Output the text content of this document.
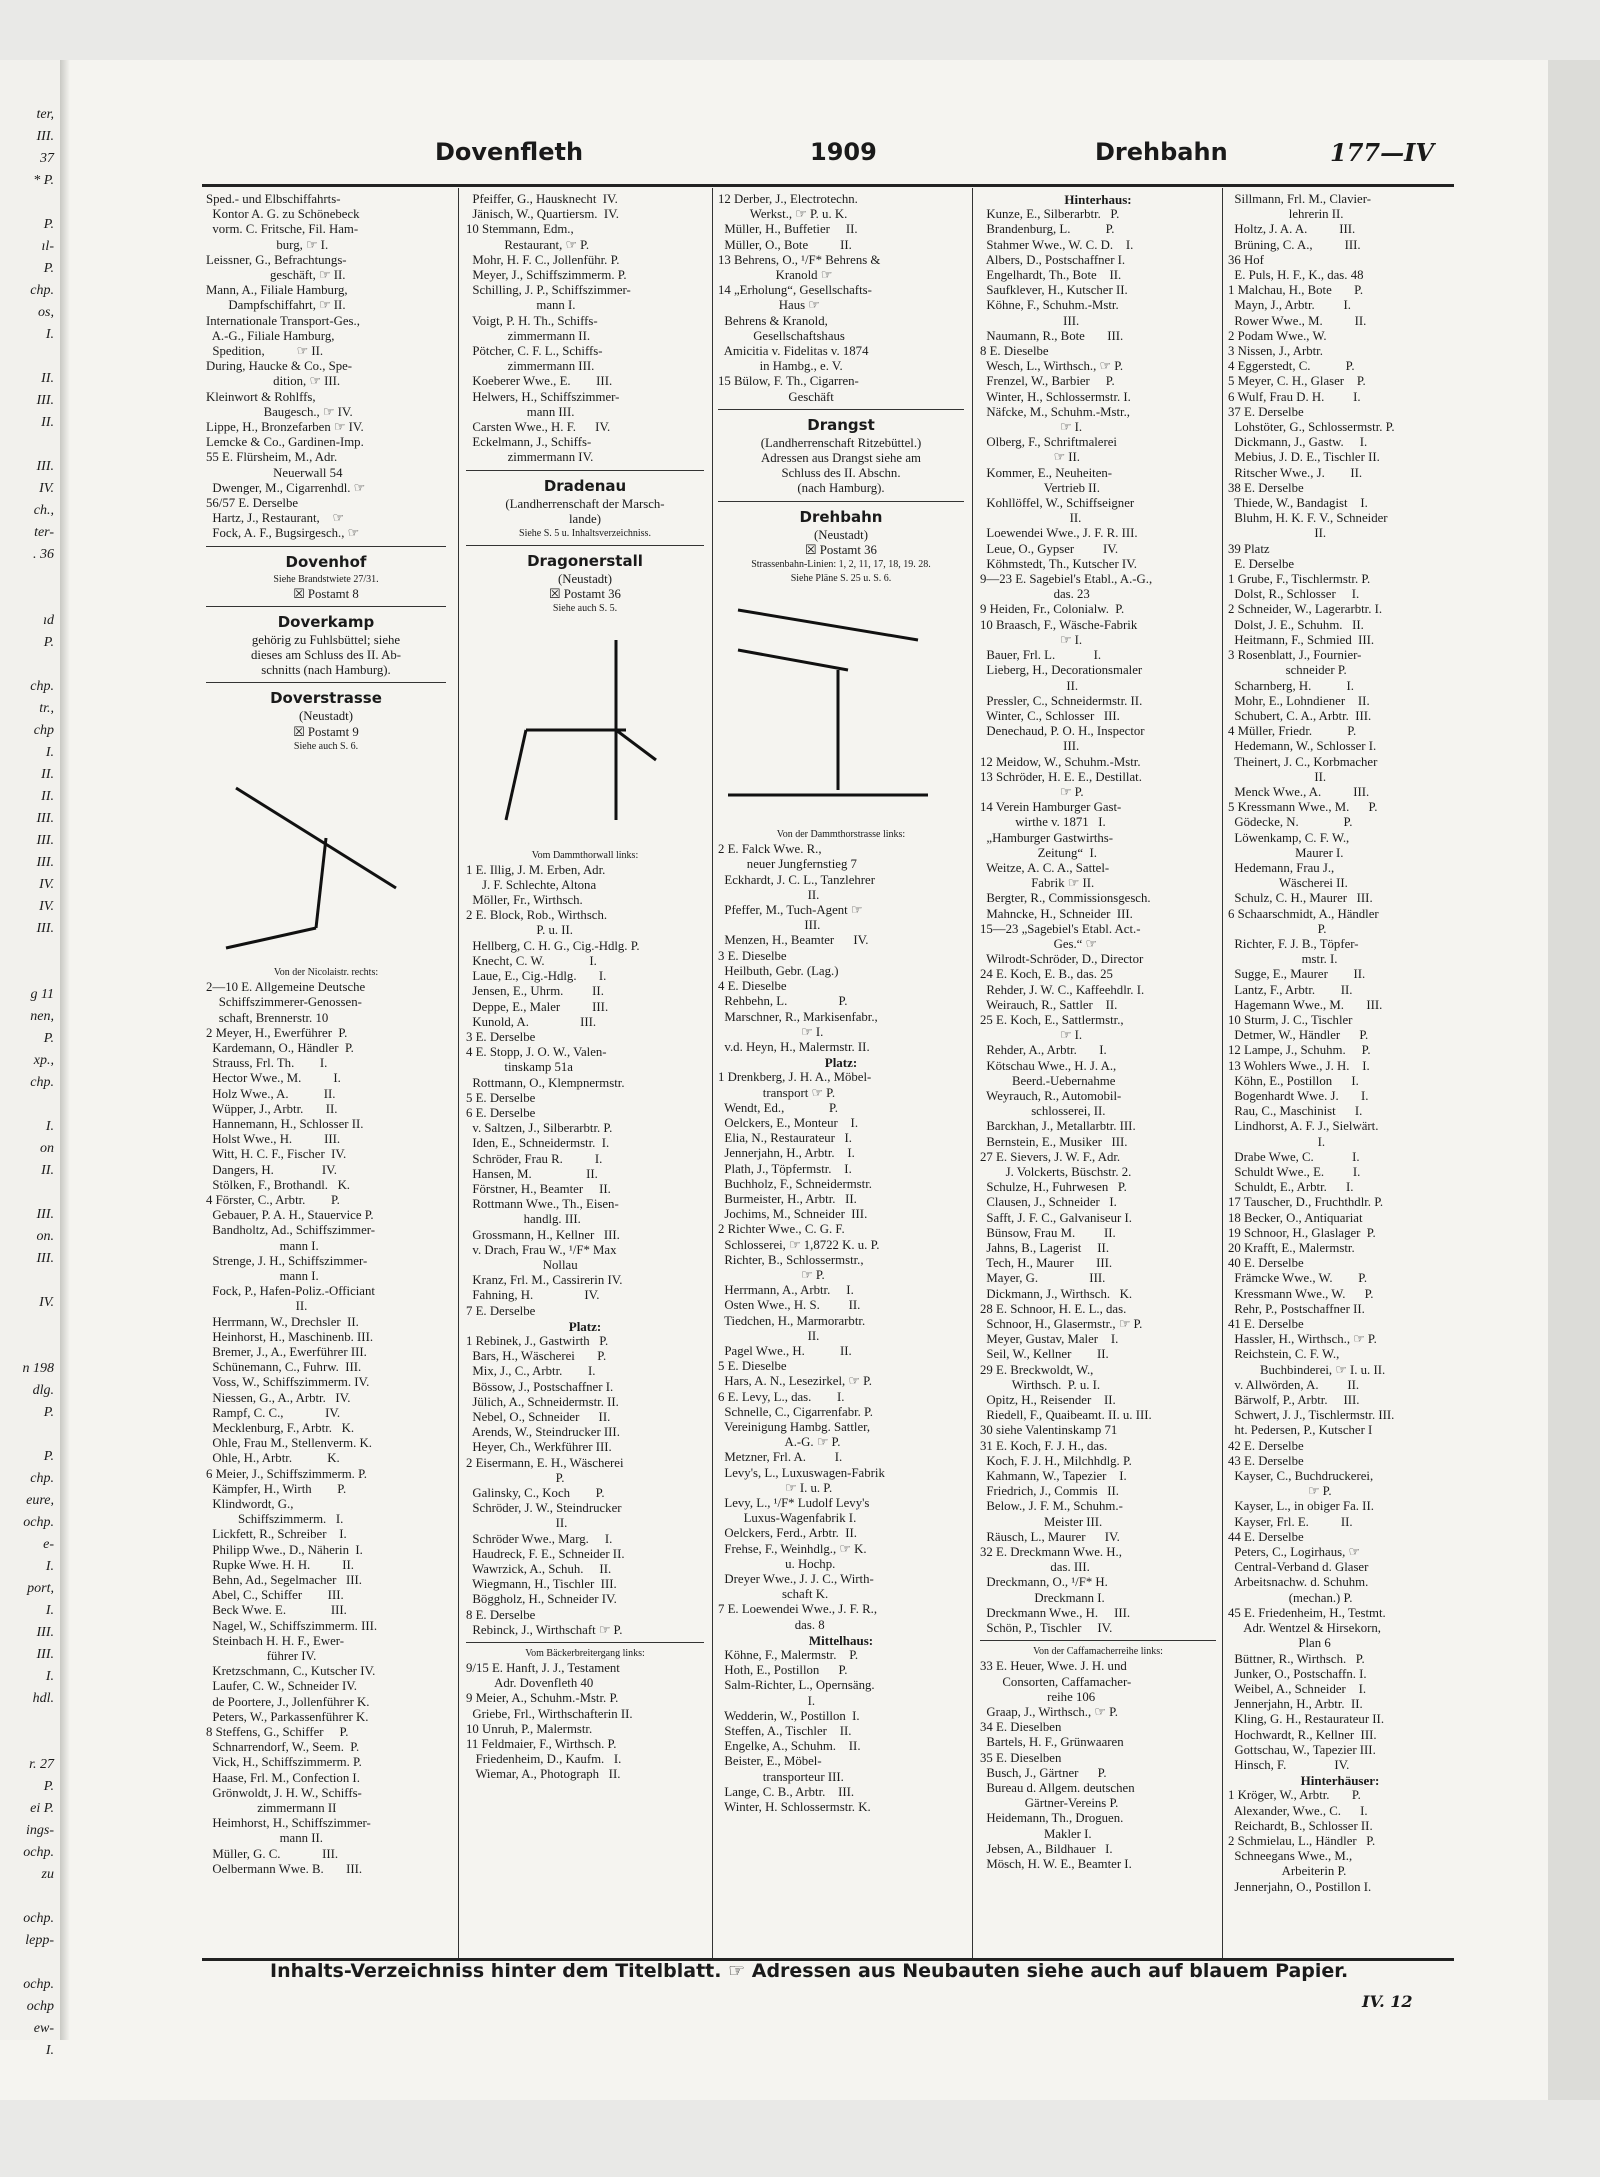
ter,
III.
37
* P.
P.
ıl-
P.
chp.
os,
I.
II.
III.
II.
III.
IV.
ch.,
ter-
. 36
ıd
P.
chp.
tr.,
chp
I.
II.
II.
III.
III.
III.
IV.
IV.
III.
g 11
nen,
P.
xp.,
chp.
I.
on
II.
III.
on.
III.
IV.
n 198
dlg.
P.
P.
chp.
eure,
ochp.
e-
I.
port,
I.
III.
III.
I.
hdl.
r. 27
P.
ei P.
ings-
ochp.
zu
ochp.
lepp-
ochp.
ochp
ew-
I.
Dovenfleth	1909	Drehbahn	177—IV
Sped.- und Elbschiffahrts-
Kontor A. G. zu Schönebeck
vorm. C. Fritsche, Fil. Ham-
burg, ☞ I.
Leissner, G., Befrachtungs-
geschäft, ☞ II.
Mann, A., Filiale Hamburg,
Dampfschiffahrt, ☞ II.
Internationale Transport-Ges.,
A.-G., Filiale Hamburg,
Spedition,          ☞ II.
During, Haucke & Co., Spe-
dition, ☞ III.
Kleinwort & Rohlffs,
Baugesch., ☞ IV.
Lippe, H., Bronzefarben ☞ IV.
Lemcke & Co., Gardinen-Imp.
55 E. Flürsheim, M., Adr.
Neuerwall 54
Dwenger, M., Cigarrenhdl. ☞
56/57 E. Derselbe
Hartz, J., Restaurant,    ☞
Fock, A. F., Bugsirgesch., ☞
Dovenhof
Siehe Brandstwiete 27/31.
☒ Postamt 8
Doverkamp
gehörig zu Fuhlsbüttel; siehe
dieses am Schluss des II. Ab-
schnitts (nach Hamburg).
Doverstrasse
(Neustadt)
☒ Postamt 9
Siehe auch S. 6.
Von der Nicolaistr. rechts:
2—10 E. Allgemeine Deutsche
Schiffszimmerer-Genossen-
schaft, Brennerstr. 10
2 Meyer, H., Ewerführer  P.
Kardemann, O., Händler  P.
Strauss, Frl. Th.        I.
Hector Wwe., M.          I.
Holz Wwe., A.           II.
Wüpper, J., Arbtr.       II.
Hannemann, H., Schlosser II.
Holst Wwe., H.          III.
Witt, H. C. F., Fischer  IV.
Dangers, H.               IV.
Stölken, F., Brothandl.   K.
4 Förster, C., Arbtr.        P.
Gebauer, P. A. H., Stauervice P.
Bandholtz, Ad., Schiffszimmer-
mann I.
Strenge, J. H., Schiffszimmer-
mann I.
Fock, P., Hafen-Poliz.-Officiant
II.
Herrmann, W., Drechsler  II.
Heinhorst, H., Maschinenb. III.
Bremer, J., A., Ewerführer III.
Schünemann, C., Fuhrw.  III.
Voss, W., Schiffszimmerm. IV.
Niessen, G., A., Arbtr.   IV.
Rampf, C. C.,             IV.
Mecklenburg, F., Arbtr.   K.
Ohle, Frau M., Stellenverm. K.
Ohle, H., Arbtr.           K.
6 Meier, J., Schiffszimmerm. P.
Kämpfer, H., Wirth        P.
Klindwordt, G.,
Schiffszimmerm.   I.
Lickfett, R., Schreiber    I.
Philipp Wwe., D., Näherin  I.
Rupke Wwe. H. H.          II.
Behn, Ad., Segelmacher   III.
Abel, C., Schiffer        III.
Beck Wwe. E.              III.
Nagel, W., Schiffszimmerm. III.
Steinbach H. H. F., Ewer-
führer IV.
Kretzschmann, C., Kutscher IV.
Laufer, C. W., Schneider IV.
de Poortere, J., Jollenführer K.
Peters, W., Parkassenführer K.
8 Steffens, G., Schiffer     P.
Schnarrendorf, W., Seem.  P.
Vick, H., Schiffszimmerm. P.
Haase, Frl. M., Confection I.
Grönwoldt, J. H. W., Schiffs-
zimmermann II
Heimhorst, H., Schiffszimmer-
mann II.
Müller, G. C.             III.
Oelbermann Wwe. B.       III.
Pfeiffer, G., Hausknecht  IV.
Jänisch, W., Quartiersm.  IV.
10 Stemmann, Edm.,
Restaurant, ☞ P.
Mohr, H. F. C., Jollenführ. P.
Meyer, J., Schiffszimmerm. P.
Schilling, J. P., Schiffszimmer-
mann I.
Voigt, P. H. Th., Schiffs-
zimmermann II.
Pötcher, C. F. L., Schiffs-
zimmermann III.
Koeberer Wwe., E.        III.
Helwers, H., Schiffszimmer-
mann III.
Carsten Wwe., H. F.      IV.
Eckelmann, J., Schiffs-
zimmermann IV.
Dradenau
(Landherrenschaft der Marsch-
lande)
Siehe S. 5 u. Inhaltsverzeichniss.
Dragonerstall
(Neustadt)
☒ Postamt 36
Siehe auch S. 5.
Vom Dammthorwall links:
1 E. Illig, J. M. Erben, Adr.
J. F. Schlechte, Altona
Möller, Fr., Wirthsch.
2 E. Block, Rob., Wirthsch.
P. u. II.
Hellberg, C. H. G., Cig.-Hdlg. P.
Knecht, C. W.              I.
Laue, E., Cig.-Hdlg.       I.
Jensen, E., Uhrm.         II.
Deppe, E., Maler          III.
Kunold, A.                III.
3 E. Derselbe
4 E. Stopp, J. O. W., Valen-
tinskamp 51a
Rottmann, O., Klempnermstr.
5 E. Derselbe
6 E. Derselbe
v. Saltzen, J., Silberarbtr. P.
Iden, E., Schneidermstr.  I.
Schröder, Frau R.          I.
Hansen, M.                 II.
Förstner, H., Beamter     II.
Rottmann Wwe., Th., Eisen-
handlg. III.
Grossmann, H., Kellner   III.
v. Drach, Frau W., ¹/F* Max
Nollau
Kranz, Frl. M., Cassirerin IV.
Fahning, H.                IV.
7 E. Derselbe
Platz:
1 Rebinek, J., Gastwirth   P.
Bars, H., Wäscherei       P.
Mix, J., C., Arbtr.        I.
Bössow, J., Postschaffner I.
Jülich, A., Schneidermstr. II.
Nebel, O., Schneider      II.
Arends, W., Steindrucker III.
Heyer, Ch., Werkführer III.
2 Eisermann, E. H., Wäscherei
P.
Galinsky, C., Koch        P.
Schröder, J. W., Steindrucker
II.
Schröder Wwe., Marg.     I.
Haudreck, F. E., Schneider II.
Wawrzick, A., Schuh.     II.
Wiegmann, H., Tischler  III.
Böggholz, H., Schneider IV.
8 E. Derselbe
Rebinck, J., Wirthschaft ☞ P.
Vom Bäckerbreitergang links:
9/15 E. Hanft, J. J., Testament
Adr. Dovenfleth 40
9 Meier, A., Schuhm.-Mstr. P.
Griebe, Frl., Wirthschafterin II.
10 Unruh, P., Malermstr.
11 Feldmaier, F., Wirthsch. P.
Friedenheim, D., Kaufm.   I.
Wiemar, A., Photograph   II.
12 Derber, J., Electrotechn.
Werkst., ☞ P. u. K.
Müller, H., Buffetier     II.
Müller, O., Bote          II.
13 Behrens, O., ¹/F* Behrens &
Kranold ☞
14 „Erholung“, Gesellschafts-
Haus ☞
Behrens & Kranold,
Gesellschaftshaus
Amicitia v. Fidelitas v. 1874
in Hambg., e. V.
15 Bülow, F. Th., Cigarren-
Geschäft
Drangst
(Landherrenschaft Ritzebüttel.)
Adressen aus Drangst siehe am
Schluss des II. Abschn.
(nach Hamburg).
Drehbahn
(Neustadt)
☒ Postamt 36
Strassenbahn-Linien: 1, 2, 11, 17, 18, 19. 28.
Siehe Pläne S. 25 u. S. 6.
Von der Dammthorstrasse links:
2 E. Falck Wwe. R.,
neuer Jungfernstieg 7
Eckhardt, J. C. L., Tanzlehrer
II.
Pfeffer, M., Tuch-Agent ☞
III.
Menzen, H., Beamter      IV.
3 E. Dieselbe
Heilbuth, Gebr. (Lag.)
4 E. Dieselbe
Rehbehn, L.                P.
Marschner, R., Markisenfabr.,
☞ I.
v.d. Heyn, H., Malermstr. II.
Platz:
1 Drenkberg, J. H. A., Möbel-
transport ☞ P.
Wendt, Ed.,              P.
Oelckers, E., Monteur    I.
Elia, N., Restaurateur   I.
Jennerjahn, H., Arbtr.    I.
Plath, J., Töpfermstr.    I.
Buchholz, F., Schneidermstr.
Burmeister, H., Arbtr.   II.
Jochims, M., Schneider  III.
2 Richter Wwe., C. G. F.
Schlosserei, ☞ 1,8722 K. u. P.
Richter, B., Schlossermstr.,
☞ P.
Herrmann, A., Arbtr.     I.
Osten Wwe., H. S.         II.
Tiedchen, H., Marmorarbtr.
II.
Pagel Wwe., H.           II.
5 E. Dieselbe
Hars, A. N., Lesezirkel, ☞ P.
6 E. Levy, L., das.        I.
Schnelle, C., Cigarrenfabr. P.
Vereinigung Hambg. Sattler,
A.-G. ☞ P.
Metzner, Frl. A.         I.
Levy's, L., Luxuswagen-Fabrik
☞ I. u. P.
Levy, L., ¹/F* Ludolf Levy's
Luxus-Wagenfabrik I.
Oelckers, Ferd., Arbtr.  II.
Frehse, F., Weinhdlg., ☞ K.
u. Hochp.
Dreyer Wwe., J. J. C., Wirth-
schaft K.
7 E. Loewendei Wwe., J. F. R.,
das. 8
Mittelhaus:
Köhne, F., Malermstr.    P.
Hoth, E., Postillon      P.
Salm-Richter, L., Opernsäng.
I.
Wedderin, W., Postillon  I.
Steffen, A., Tischler    II.
Engelke, A., Schuhm.    II.
Beister, E., Möbel-
transporteur III.
Lange, C. B., Arbtr.    III.
Winter, H. Schlossermstr. K.
Hinterhaus:
Kunze, E., Silberarbtr.   P.
Brandenburg, L.           P.
Stahmer Wwe., W. C. D.    I.
Albers, D., Postschaffner I.
Engelhardt, Th., Bote    II.
Saufklever, H., Kutscher II.
Köhne, F., Schuhm.-Mstr.
III.
Naumann, R., Bote       III.
8 E. Dieselbe
Wesch, L., Wirthsch., ☞ P.
Frenzel, W., Barbier     P.
Winter, H., Schlossermstr. I.
Näfcke, M., Schuhm.-Mstr.,
☞ I.
Olberg, F., Schriftmalerei
☞ II.
Kommer, E., Neuheiten-
Vertrieb II.
Kohllöffel, W., Schiffseigner
II.
Loewendei Wwe., J. F. R. III.
Leue, O., Gypser         IV.
Köhmstedt, Th., Kutscher IV.
9—23 E. Sagebiel's Etabl., A.-G.,
das. 23
9 Heiden, Fr., Colonialw.  P.
10 Braasch, F., Wäsche-Fabrik
☞ I.
Bauer, Frl. L.            I.
Lieberg, H., Decorationsmaler
II.
Pressler, C., Schneidermstr. II.
Winter, C., Schlosser   III.
Denechaud, P. O. H., Inspector
III.
12 Meidow, W., Schuhm.-Mstr.
13 Schröder, H. E. E., Destillat.
☞ P.
14 Verein Hamburger Gast-
wirthe v. 1871   I.
„Hamburger Gastwirths-
Zeitung“  I.
Weitze, A. C. A., Sattel-
Fabrik ☞ II.
Bergter, R., Commissionsgesch.
Mahncke, H., Schneider  III.
15—23 „Sagebiel's Etabl. Act.-
Ges.“ ☞
Wilrodt-Schröder, D., Director
24 E. Koch, E. B., das. 25
Rehder, J. W. C., Kaffeehdlr. I.
Weirauch, R., Sattler    II.
25 E. Koch, E., Sattlermstr.,
☞ I.
Rehder, A., Arbtr.       I.
Kötschau Wwe., H. J. A.,
Beerd.-Uebernahme
Weyrauch, R., Automobil-
schlosserei, II.
Barckhan, J., Metallarbtr. III.
Bernstein, E., Musiker   III.
27 E. Sievers, J. W. F., Adr.
J. Volckerts, Büschstr. 2.
Schulze, H., Fuhrwesen   P.
Clausen, J., Schneider   I.
Safft, J. F. C., Galvaniseur I.
Bünsow, Frau M.         II.
Jahns, B., Lagerist     II.
Tech, H., Maurer       III.
Mayer, G.                III.
Dickmann, J., Wirthsch.   K.
28 E. Schnoor, H. E. L., das.
Schnoor, H., Glasermstr., ☞ P.
Meyer, Gustav, Maler    I.
Seil, W., Kellner        II.
29 E. Breckwoldt, W.,
Wirthsch.  P. u. I.
Opitz, H., Reisender    II.
Riedell, F., Quaibeamt. II. u. III.
30 siehe Valentinskamp 71
31 E. Koch, F. J. H., das.
Koch, F. J. H., Milchhdlg. P.
Kahmann, W., Tapezier    I.
Friedrich, J., Commis   II.
Below., J. F. M., Schuhm.-
Meister III.
Räusch, L., Maurer      IV.
32 E. Dreckmann Wwe. H.,
das. III.
Dreckmann, O., ¹/F* H.
Dreckmann I.
Dreckmann Wwe., H.     III.
Schön, P., Tischler     IV.
Von der Caffamacherreihe links:
33 E. Heuer, Wwe. J. H. und
Consorten, Caffamacher-
reihe 106
Graap, J., Wirthsch., ☞ P.
34 E. Dieselben
Bartels, H. F., Grünwaaren
35 E. Dieselben
Busch, J., Gärtner      P.
Bureau d. Allgem. deutschen
Gärtner-Vereins P.
Heidemann, Th., Droguen.
Makler I.
Jebsen, A., Bildhauer   I.
Mösch, H. W. E., Beamter I.
Sillmann, Frl. M., Clavier-
lehrerin II.
Holtz, J. A. A.          III.
Brüning, C. A.,          III.
36 Hof
E. Puls, H. F., K., das. 48
1 Malchau, H., Bote       P.
Mayn, J., Arbtr.         I.
Rower Wwe., M.          II.
2 Podam Wwe., W.
3 Nissen, J., Arbtr.
4 Eggerstedt, C.           P.
5 Meyer, C. H., Glaser    P.
6 Wulf, Frau D. H.         I.
37 E. Derselbe
Lohstöter, G., Schlossermstr. P.
Dickmann, J., Gastw.     I.
Mebius, J. D. E., Tischler II.
Ritscher Wwe., J.        II.
38 E. Derselbe
Thiede, W., Bandagist    I.
Bluhm, H. K. F. V., Schneider
II.
39 Platz
E. Derselbe
1 Grube, F., Tischlermstr. P.
Dolst, R., Schlosser     I.
2 Schneider, W., Lagerarbtr. I.
Dolst, J. E., Schuhm.   II.
Heitmann, F., Schmied  III.
3 Rosenblatt, J., Fournier-
schneider P.
Scharnberg, H.           I.
Mohr, E., Lohndiener    II.
Schubert, C. A., Arbtr.  III.
4 Müller, Friedr.           P.
Hedemann, W., Schlosser I.
Theinert, J. C., Korbmacher
II.
Menck Wwe., A.          III.
5 Kressmann Wwe., M.      P.
Gödecke, N.              P.
Löwenkamp, C. F. W.,
Maurer I.
Hedemann, Frau J.,
Wäscherei II.
Schulz, C. H., Maurer   III.
6 Schaarschmidt, A., Händler
P.
Richter, F. J. B., Töpfer-
mstr. I.
Sugge, E., Maurer        II.
Lantz, F., Arbtr.        II.
Hagemann Wwe., M.       III.
10 Sturm, J. C., Tischler
Detmer, W., Händler      P.
12 Lampe, J., Schuhm.     P.
13 Wohlers Wwe., J. H.    I.
Köhn, E., Postillon      I.
Bogenhardt Wwe. J.       I.
Rau, C., Maschinist      I.
Lindhorst, A. F. J., Sielwärt.
I.
Drabe Wwe, C.            I.
Schuldt Wwe., E.         I.
Schuldt, E., Arbtr.      I.
17 Tauscher, D., Fruchthdlr. P.
18 Becker, O., Antiquariat
19 Schnoor, H., Glaslager  P.
20 Krafft, E., Malermstr.
40 E. Derselbe
Främcke Wwe., W.        P.
Kressmann Wwe., W.      P.
Rehr, P., Postschaffner II.
41 E. Derselbe
Hassler, H., Wirthsch., ☞ P.
Reichstein, C. F. W.,
Buchbinderei, ☞ I. u. II.
v. Allwörden, A.         II.
Bärwolf, P., Arbtr.     III.
Schwert, J. J., Tischlermstr. III.
ht. Pedersen, P., Kutscher I
42 E. Derselbe
43 E. Derselbe
Kayser, C., Buchdruckerei,
☞ P.
Kayser, L., in obiger Fa. II.
Kayser, Frl. E.          II.
44 E. Derselbe
Peters, C., Logirhaus, ☞
Central-Verband d. Glaser
Arbeitsnachw. d. Schuhm.
(mechan.) P.
45 E. Friedenheim, H., Testmt.
Adr. Wentzel & Hirsekorn,
Plan 6
Büttner, R., Wirthsch.   P.
Junker, O., Postschaffn. I.
Weibel, A., Schneider    I.
Jennerjahn, H., Arbtr.  II.
Kling, G. H., Restaurateur II.
Hochwardt, R., Kellner  III.
Gottschau, W., Tapezier III.
Hinsch, F.               IV.
Hinterhäuser:
1 Kröger, W., Arbtr.       P.
Alexander, Wwe., C.      I.
Reichardt, B., Schlosser II.
2 Schmielau, L., Händler   P.
Schneegans Wwe., M.,
Arbeiterin P.
Jennerjahn, O., Postillon I.
Inhalts-Verzeichniss hinter dem Titelblatt. ☞ Adressen aus Neubauten siehe auch auf blauem Papier.
IV. 12
